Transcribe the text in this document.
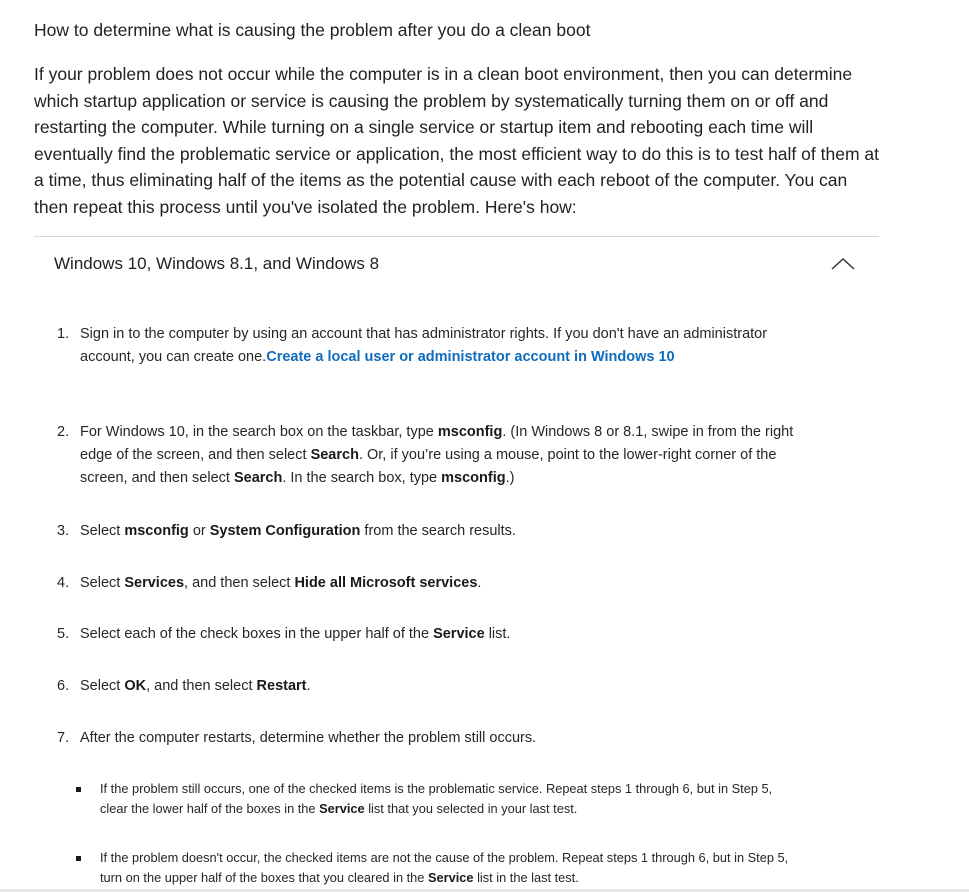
How to determine what is causing the problem after you do a clean boot

If your problem does not occur while the computer is in a clean boot environment, then you can determine which startup application or service is causing the problem by systematically turning them on or off and restarting the computer. While turning on a single service or startup item and rebooting each time will eventually find the problematic service or application, the most efficient way to do this is to test half of them at a time, thus eliminating half of the items as the potential cause with each reboot of the computer. You can then repeat this process until you've isolated the problem. Here's how:

Windows 10, Windows 8.1, and Windows 8
1. Sign in to the computer by using an account that has administrator rights. If you don't have an administrator account, you can create one.Create a local user or administrator account in Windows 10
2. For Windows 10, in the search box on the taskbar, type msconfig. (In Windows 8 or 8.1, swipe in from the right edge of the screen, and then select Search. Or, if you’re using a mouse, point to the lower-right corner of the screen, and then select Search. In the search box, type msconfig.)
3. Select msconfig or System Configuration from the search results.
4. Select Services, and then select Hide all Microsoft services.
5. Select each of the check boxes in the upper half of the Service list.
6. Select OK, and then select Restart.
7. After the computer restarts, determine whether the problem still occurs.
If the problem still occurs, one of the checked items is the problematic service. Repeat steps 1 through 6, but in Step 5, clear the lower half of the boxes in the Service list that you selected in your last test.
If the problem doesn't occur, the checked items are not the cause of the problem. Repeat steps 1 through 6, but in Step 5, turn on the upper half of the boxes that you cleared in the Service list in the last test.
